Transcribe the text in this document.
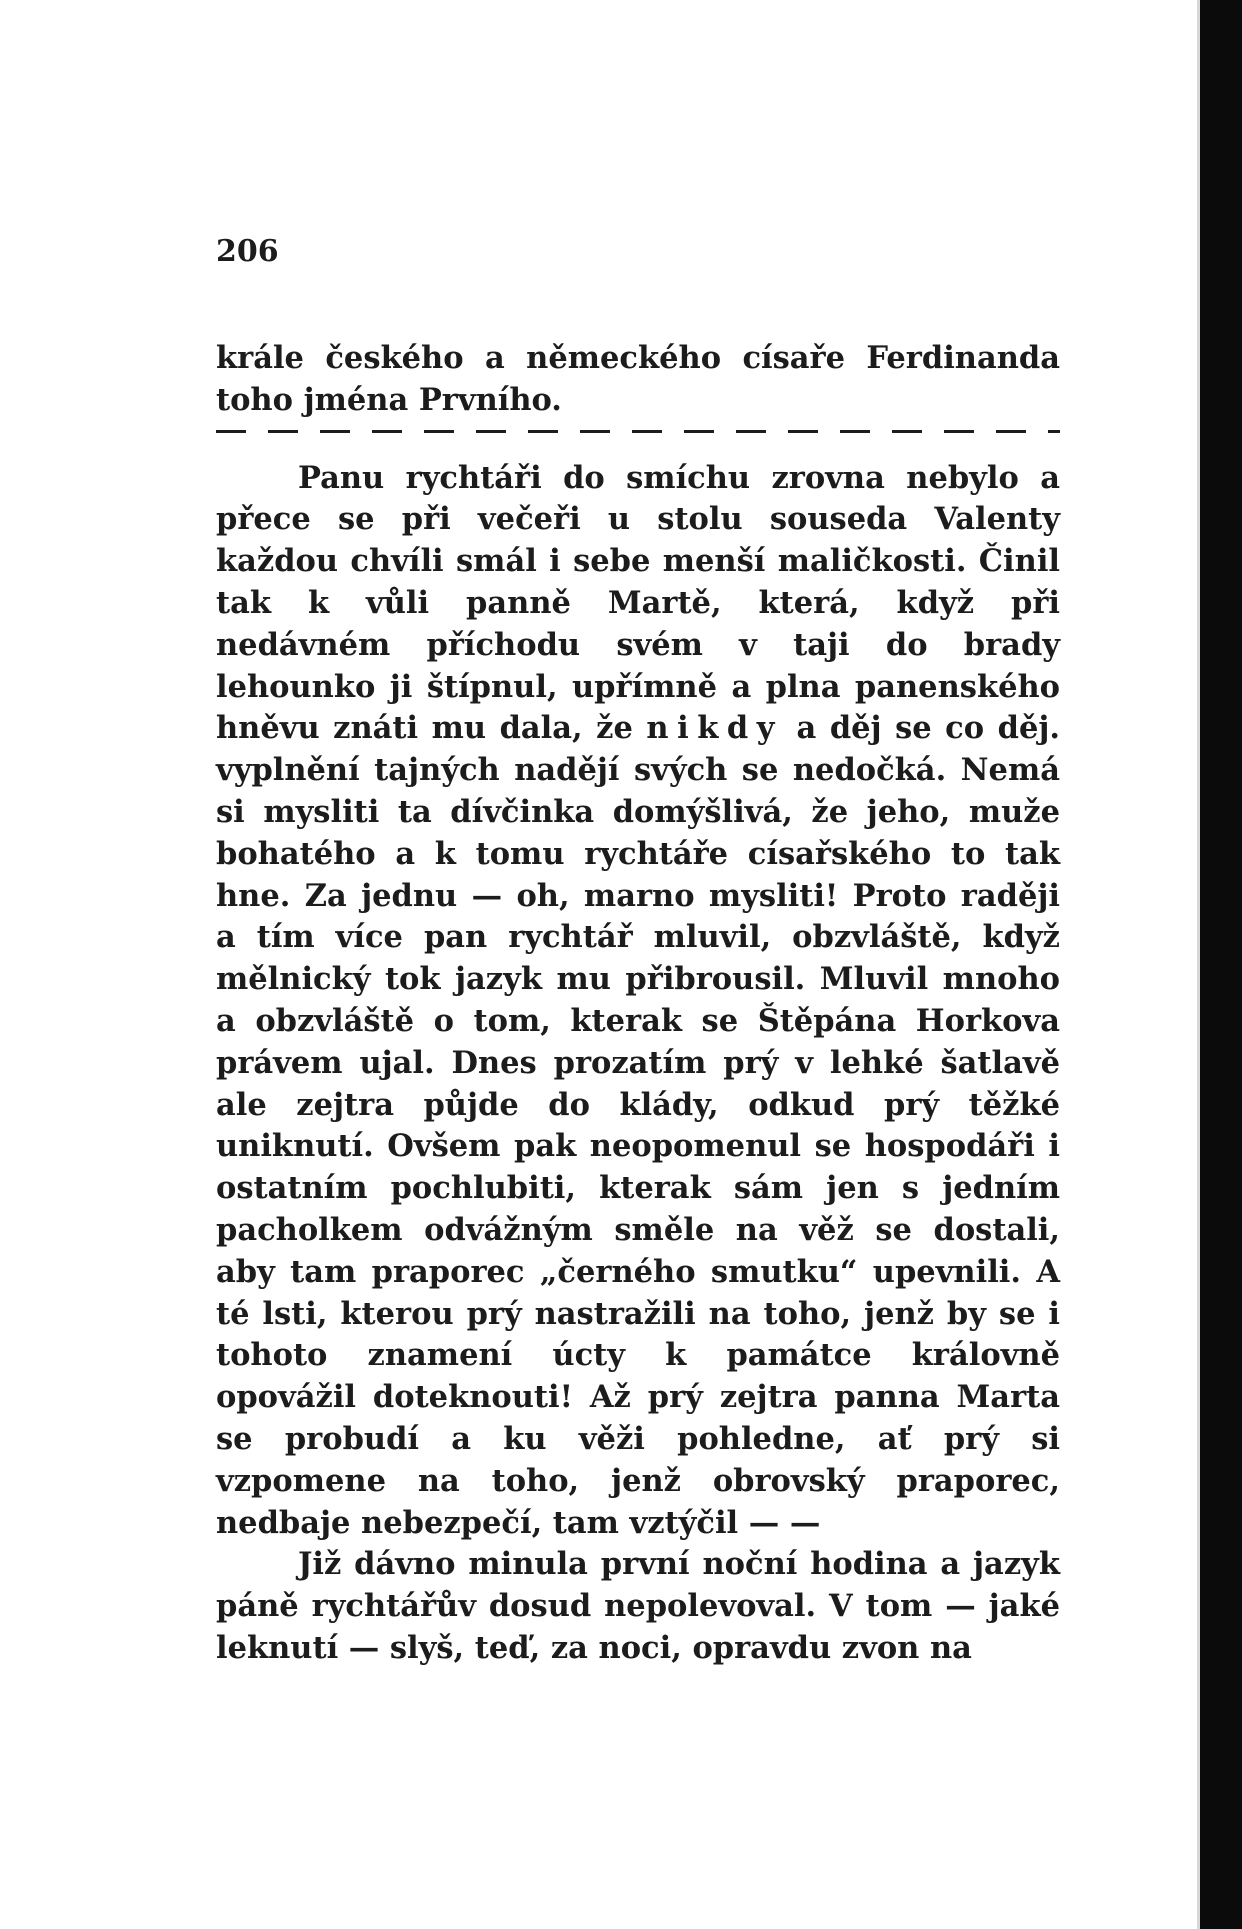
206

krále českého a německého císaře Ferdinanda toho jména Prvního.

Panu rychtáři do smíchu zrovna nebylo a přece se při večeři u stolu souseda Valenty každou chvíli smál i sebe menší maličkosti. Činil tak k vůli panně Martě, která, když při nedávném příchodu svém v taji do brady lehounko ji štípnul, upřímně a plna panenského hněvu znáti mu dala, že nikdy a děj se co děj. vyplnění tajných nadějí svých se nedočká. Nemá si mysliti ta dívčinka domýšlivá, že jeho, muže bohatého a k tomu rychtáře císařského to tak hne. Za jednu — oh, marno mysliti! Proto raději a tím více pan rychtář mluvil, obzvláště, když mělnický tok jazyk mu přibrousil. Mluvil mnoho a obzvláště o tom, kterak se Štěpána Horkova právem ujal. Dnes prozatím prý v lehké šatlavě ale zejtra půjde do klády, odkud prý těžké uniknutí. Ovšem pak neopomenul se hospodáři i ostatním pochlubiti, kterak sám jen s jedním pacholkem odvážným směle na věž se dostali, aby tam praporec „černého smutku“ upevnili. A té lsti, kterou prý nastražili na toho, jenž by se i tohoto znamení úcty k památce královně opovážil doteknouti! Až prý zejtra panna Marta se probudí a ku věži pohledne, ať prý si vzpomene na toho, jenž obrovský praporec, nedbaje nebezpečí, tam vztýčil — —

Již dávno minula první noční hodina a jazyk páně rychtářův dosud nepolevoval. V tom — jaké leknutí — slyš, teď, za noci, opravdu zvon na
